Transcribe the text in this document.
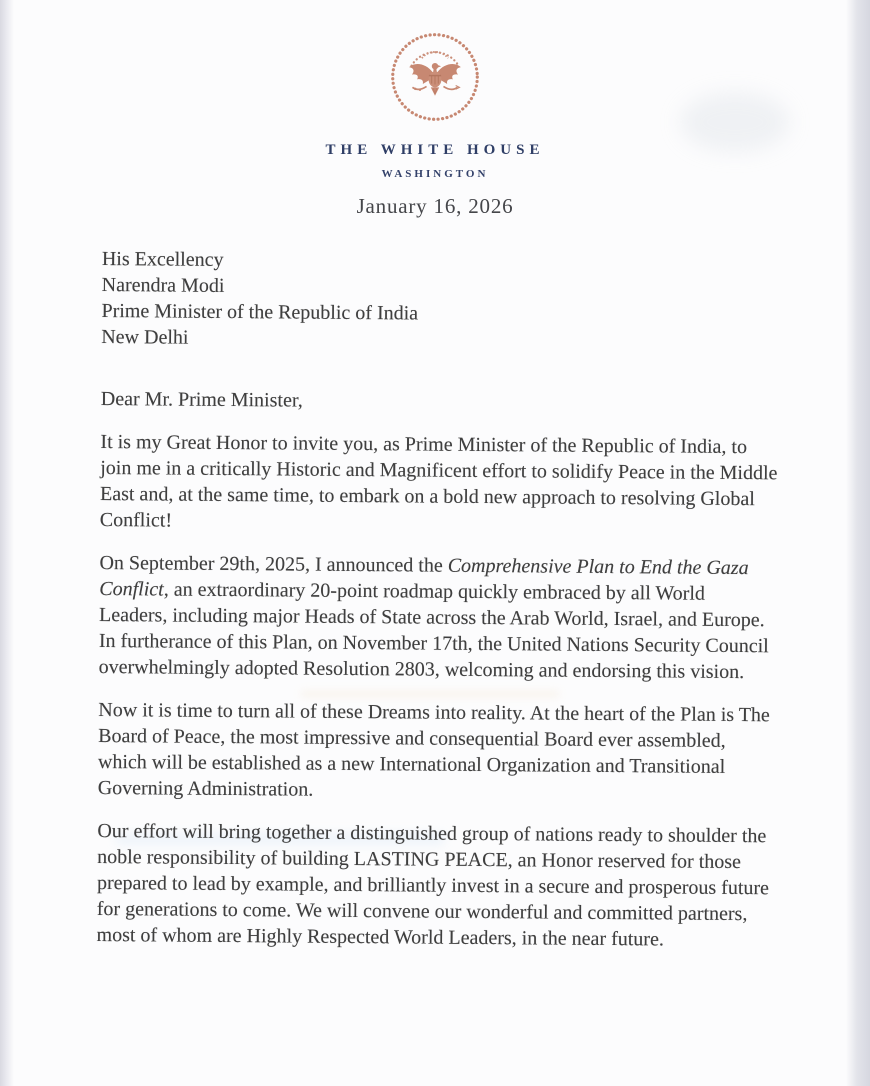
THE WHITE HOUSE
WASHINGTON
January 16, 2026
His Excellency
Narendra Modi
Prime Minister of the Republic of India
New Delhi

Dear Mr. Prime Minister,

It is my Great Honor to invite you, as Prime Minister of the Republic of India, to join me in a critically Historic and Magnificent effort to solidify Peace in the Middle East and, at the same time, to embark on a bold new approach to resolving Global Conflict!

On September 29th, 2025, I announced the Comprehensive Plan to End the Gaza Conflict, an extraordinary 20-point roadmap quickly embraced by all World Leaders, including major Heads of State across the Arab World, Israel, and Europe. In furtherance of this Plan, on November 17th, the United Nations Security Council overwhelmingly adopted Resolution 2803, welcoming and endorsing this vision.

Now it is time to turn all of these Dreams into reality. At the heart of the Plan is The Board of Peace, the most impressive and consequential Board ever assembled, which will be established as a new International Organization and Transitional Governing Administration.

Our effort will bring together a distinguished group of nations ready to shoulder the noble responsibility of building LASTING PEACE, an Honor reserved for those prepared to lead by example, and brilliantly invest in a secure and prosperous future for generations to come. We will convene our wonderful and committed partners, most of whom are Highly Respected World Leaders, in the near future.
